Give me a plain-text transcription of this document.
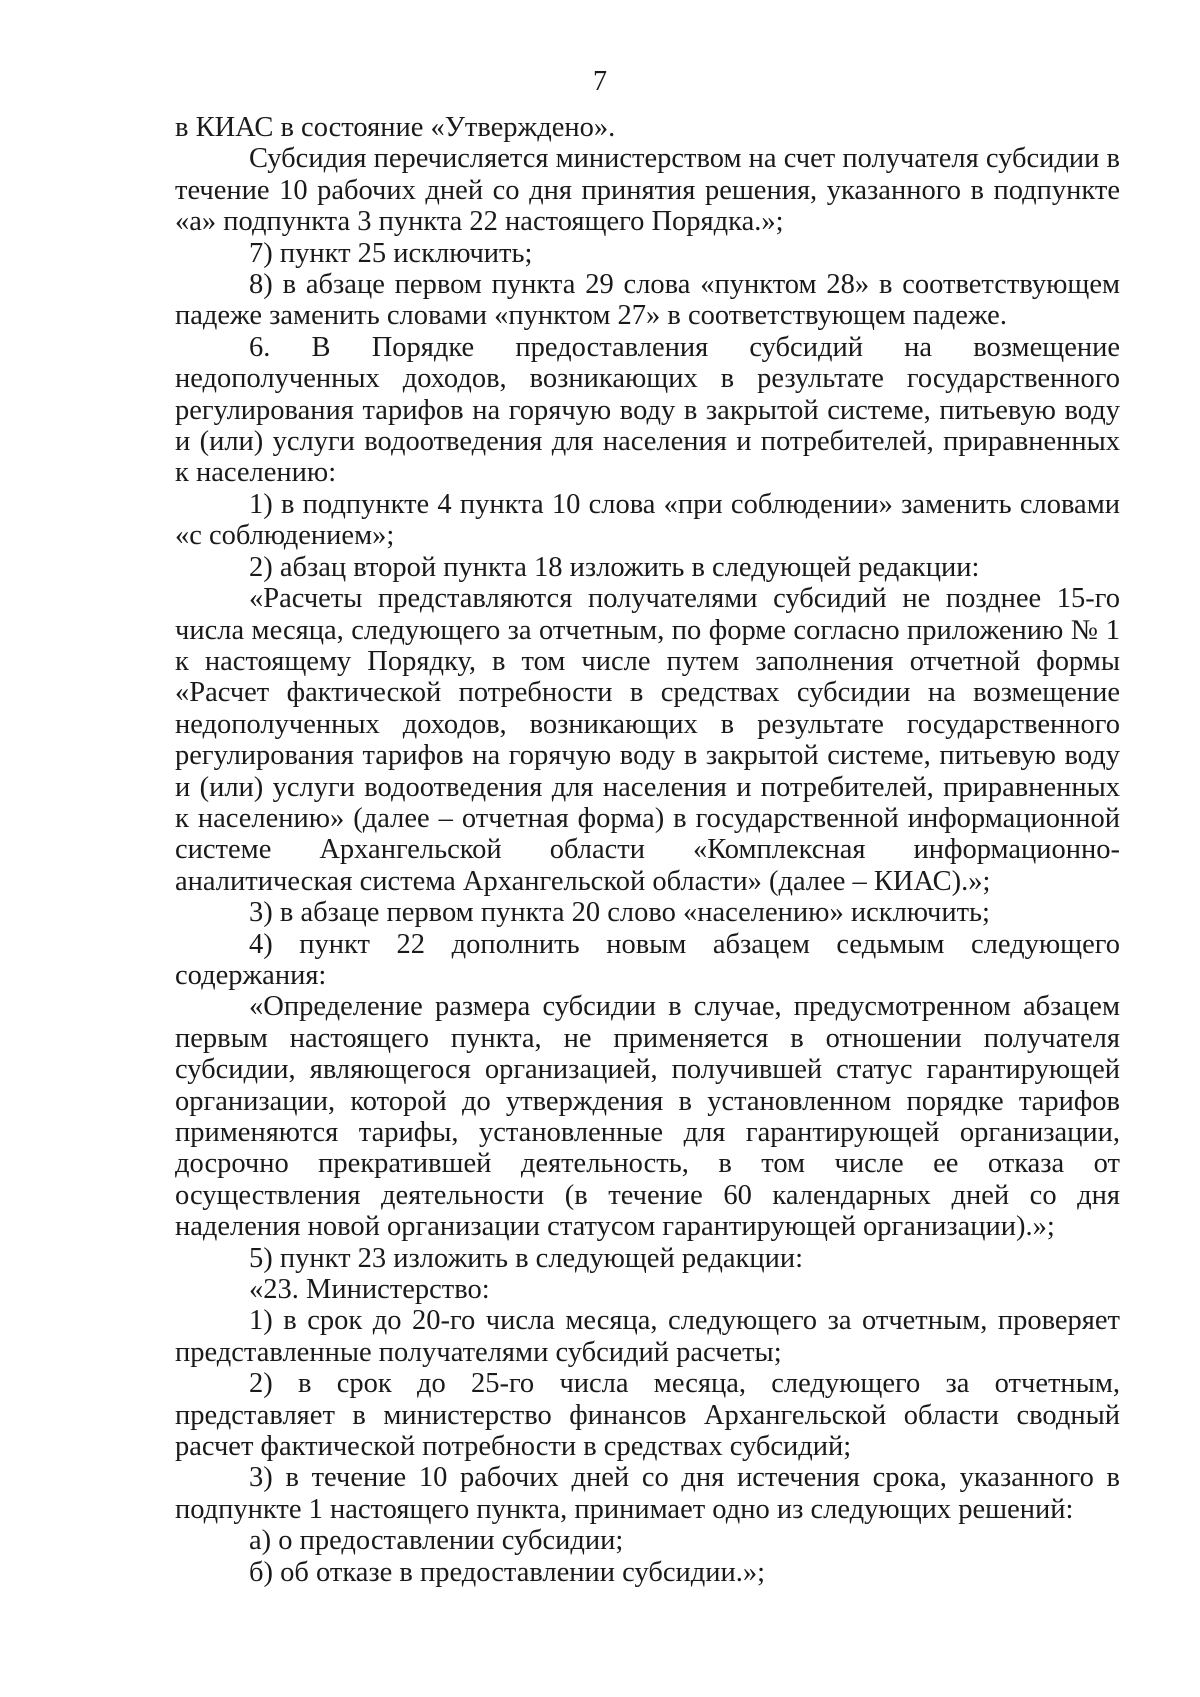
7

в КИАС в состояние «Утверждено».

Субсидия перечисляется министерством на счет получателя субсидии в течение 10 рабочих дней со дня принятия решения, указанного в подпункте «а» подпункта 3 пункта 22 настоящего Порядка.»;

7) пункт 25 исключить;

8) в абзаце первом пункта 29 слова «пунктом 28» в соответствующем падеже заменить словами «пунктом 27» в соответствующем падеже.

6. В Порядке предоставления субсидий на возмещение недополученных доходов, возникающих в результате государственного регулирования тарифов на горячую воду в закрытой системе, питьевую воду и (или) услуги водоотведения для населения и потребителей, приравненных к населению:

1) в подпункте 4 пункта 10 слова «при соблюдении» заменить словами «с соблюдением»;

2) абзац второй пункта 18 изложить в следующей редакции:

«Расчеты представляются получателями субсидий не позднее 15-го числа месяца, следующего за отчетным, по форме согласно приложению № 1 к настоящему Порядку, в том числе путем заполнения отчетной формы «Расчет фактической потребности в средствах субсидии на возмещение недополученных доходов, возникающих в результате государственного регулирования тарифов на горячую воду в закрытой системе, питьевую воду и (или) услуги водоотведения для населения и потребителей, приравненных к населению» (далее – отчетная форма) в государственной информационной системе Архангельской области «Комплексная информационно-аналитическая система Архангельской области» (далее – КИАС).»;

3) в абзаце первом пункта 20 слово «населению» исключить;

4) пункт 22 дополнить новым абзацем седьмым следующего содержания:

«Определение размера субсидии в случае, предусмотренном абзацем первым настоящего пункта, не применяется в отношении получателя субсидии, являющегося организацией, получившей статус гарантирующей организации, которой до утверждения в установленном порядке тарифов применяются тарифы, установленные для гарантирующей организации, досрочно прекратившей деятельность, в том числе ее отказа от осуществления деятельности (в течение 60 календарных дней со дня наделения новой организации статусом гарантирующей организации).»;

5) пункт 23 изложить в следующей редакции:

«23. Министерство:

1) в срок до 20-го числа месяца, следующего за отчетным, проверяет представленные получателями субсидий расчеты;

2) в срок до 25-го числа месяца, следующего за отчетным, представляет в министерство финансов Архангельской области сводный расчет фактической потребности в средствах субсидий;

3) в течение 10 рабочих дней со дня истечения срока, указанного в подпункте 1 настоящего пункта, принимает одно из следующих решений:

а) о предоставлении субсидии;

б) об отказе в предоставлении субсидии.»;
